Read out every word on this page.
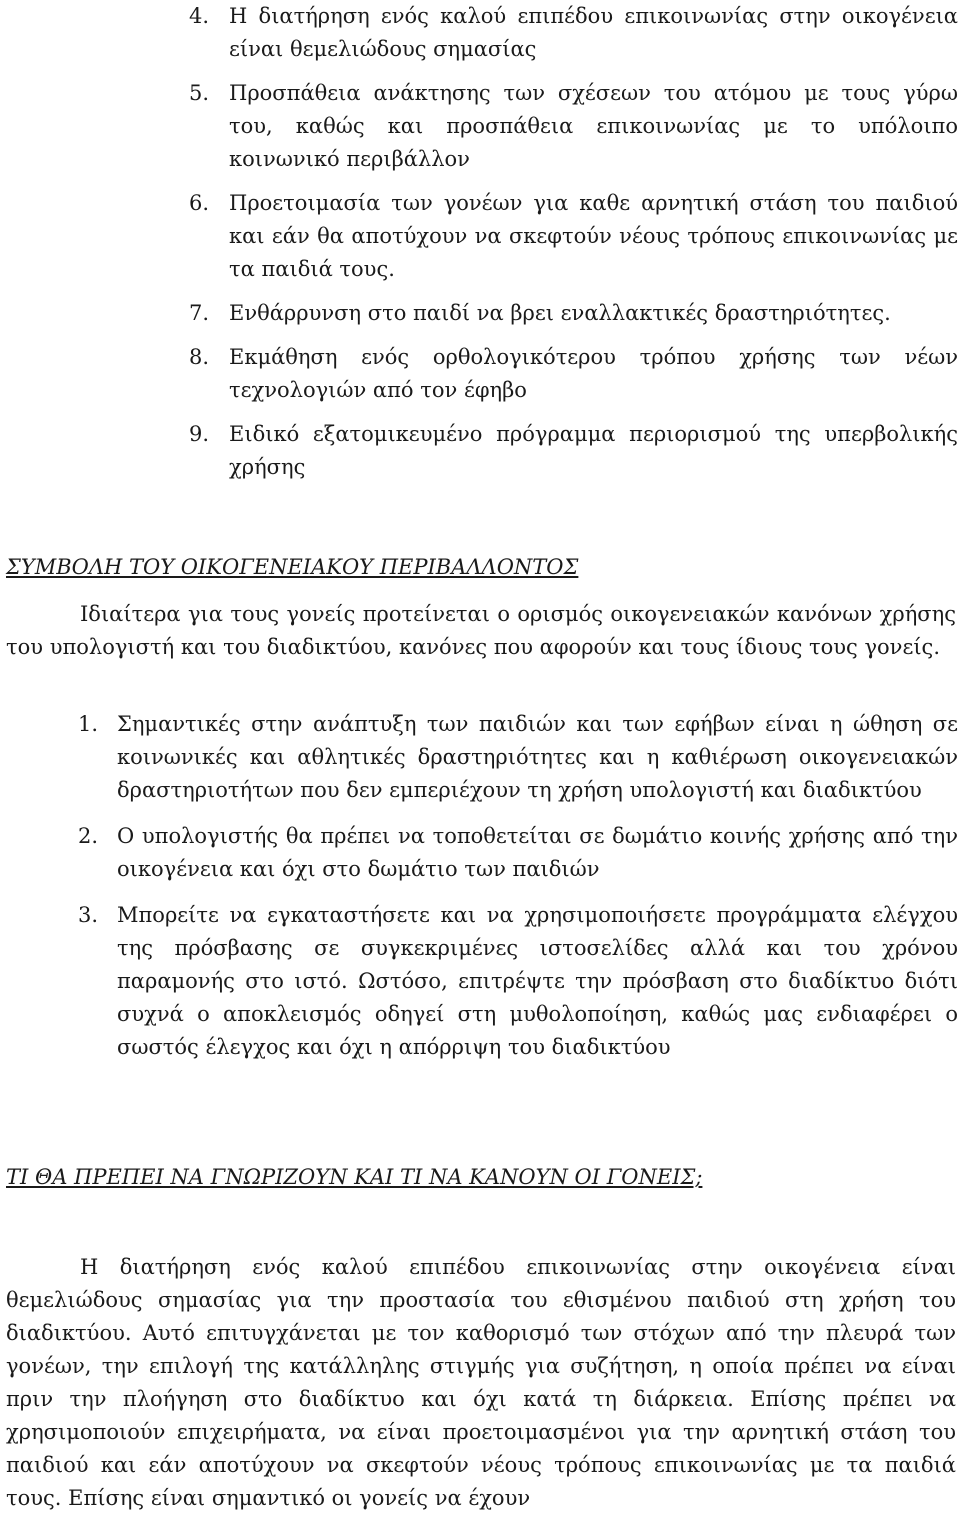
4. Η διατήρηση ενός καλού επιπέδου επικοινωνίας στην οικογένεια είναι θεμελιώδους σημασίας
5. Προσπάθεια ανάκτησης των σχέσεων του ατόμου με τους γύρω του, καθώς και προσπάθεια επικοινωνίας με το υπόλοιπο κοινωνικό περιβάλλον
6. Προετοιμασία των γονέων για καθε αρνητική στάση του παιδιού και εάν θα αποτύχουν να σκεφτούν νέους τρόπους επικοινωνίας με τα παιδιά τους.
7. Ενθάρρυνση στο παιδί να βρει εναλλακτικές δραστηριότητες.
8. Εκμάθηση ενός ορθολογικότερου τρόπου χρήσης των νέων τεχνολογιών από τον έφηβο
9. Ειδικό εξατομικευμένο πρόγραμμα περιορισμού της υπερβολικής χρήσης
ΣΥΜΒΟΛΗ ΤΟΥ ΟΙΚΟΓΕΝΕΙΑΚΟΥ ΠΕΡΙΒΑΛΛΟΝΤΟΣ

Ιδιαίτερα για τους γονείς προτείνεται ο ορισμός οικογενειακών κανόνων χρήσης του υπολογιστή και του διαδικτύου, κανόνες που αφορούν και τους ίδιους τους γονείς.

1. Σημαντικές στην ανάπτυξη των παιδιών και των εφήβων είναι η ώθηση σε κοινωνικές και αθλητικές δραστηριότητες και η καθιέρωση οικογενειακών δραστηριοτήτων που δεν εμπεριέχουν τη χρήση υπολογιστή και διαδικτύου
2. Ο υπολογιστής θα πρέπει να τοποθετείται σε δωμάτιο κοινής χρήσης από την οικογένεια και όχι στο δωμάτιο των παιδιών
3. Μπορείτε να εγκαταστήσετε και να χρησιμοποιήσετε προγράμματα ελέγχου της πρόσβασης σε συγκεκριμένες ιστοσελίδες αλλά και του χρόνου παραμονής στο ιστό. Ωστόσο, επιτρέψτε την πρόσβαση στο διαδίκτυο διότι συχνά ο αποκλεισμός οδηγεί στη μυθολοποίηση, καθώς μας ενδιαφέρει ο σωστός έλεγχος και όχι η απόρριψη του διαδικτύου
ΤΙ ΘΑ ΠΡΕΠΕΙ ΝΑ ΓΝΩΡΙΖΟΥΝ ΚΑΙ ΤΙ ΝΑ ΚΑΝΟΥΝ ΟΙ ΓΟΝΕΙΣ;

Η διατήρηση ενός καλού επιπέδου επικοινωνίας στην οικογένεια είναι θεμελιώδους σημασίας για την προστασία του εθισμένου παιδιού στη χρήση του διαδικτύου. Αυτό επιτυγχάνεται με τον καθορισμό των στόχων από την πλευρά των γονέων, την επιλογή της κατάλληλης στιγμής για συζήτηση, η οποία πρέπει να είναι πριν την πλοήγηση στο διαδίκτυο και όχι κατά τη διάρκεια. Επίσης πρέπει να χρησιμοποιούν επιχειρήματα, να είναι προετοιμασμένοι για την αρνητική στάση του παιδιού και εάν αποτύχουν να σκεφτούν νέους τρόπους επικοινωνίας με τα παιδιά τους. Επίσης είναι σημαντικό οι γονείς να έχουν
